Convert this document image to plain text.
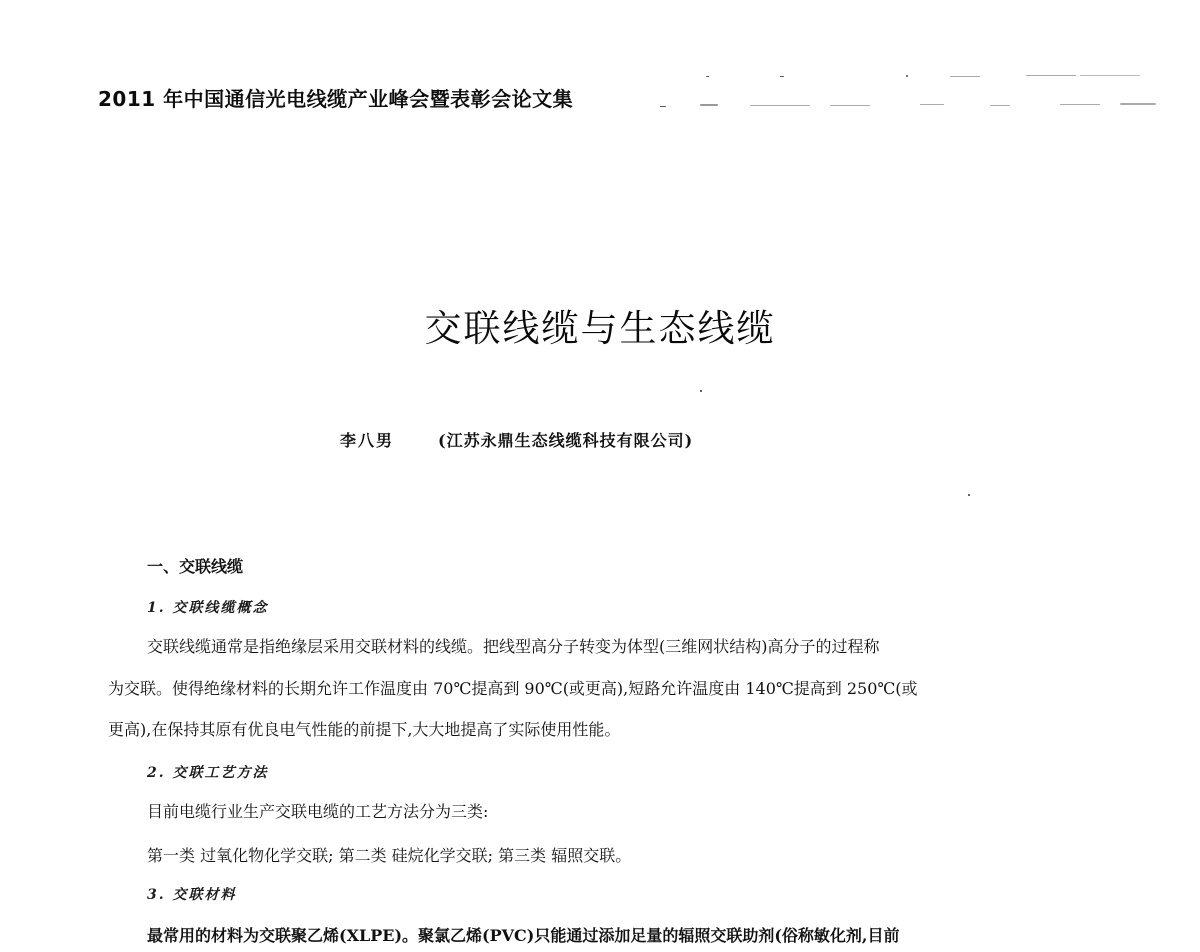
2011 年中国通信光电线缆产业峰会暨表彰会论文集
交联线缆与生态线缆
李八男	(江苏永鼎生态线缆科技有限公司)
一、交联线缆
1. 交联线缆概念
交联线缆通常是指绝缘层采用交联材料的线缆。把线型高分子转变为体型(三维网状结构)高分子的过程称
为交联。使得绝缘材料的长期允许工作温度由 70℃提高到 90℃(或更高),短路允许温度由 140℃提高到 250℃(或
更高),在保持其原有优良电气性能的前提下,大大地提高了实际使用性能。
2. 交联工艺方法
目前电缆行业生产交联电缆的工艺方法分为三类:
第一类 过氧化物化学交联; 第二类 硅烷化学交联; 第三类 辐照交联。
3. 交联材料
最常用的材料为交联聚乙烯(XLPE)。聚氯乙烯(PVC)只能通过添加足量的辐照交联助剂(俗称敏化剂,目前
